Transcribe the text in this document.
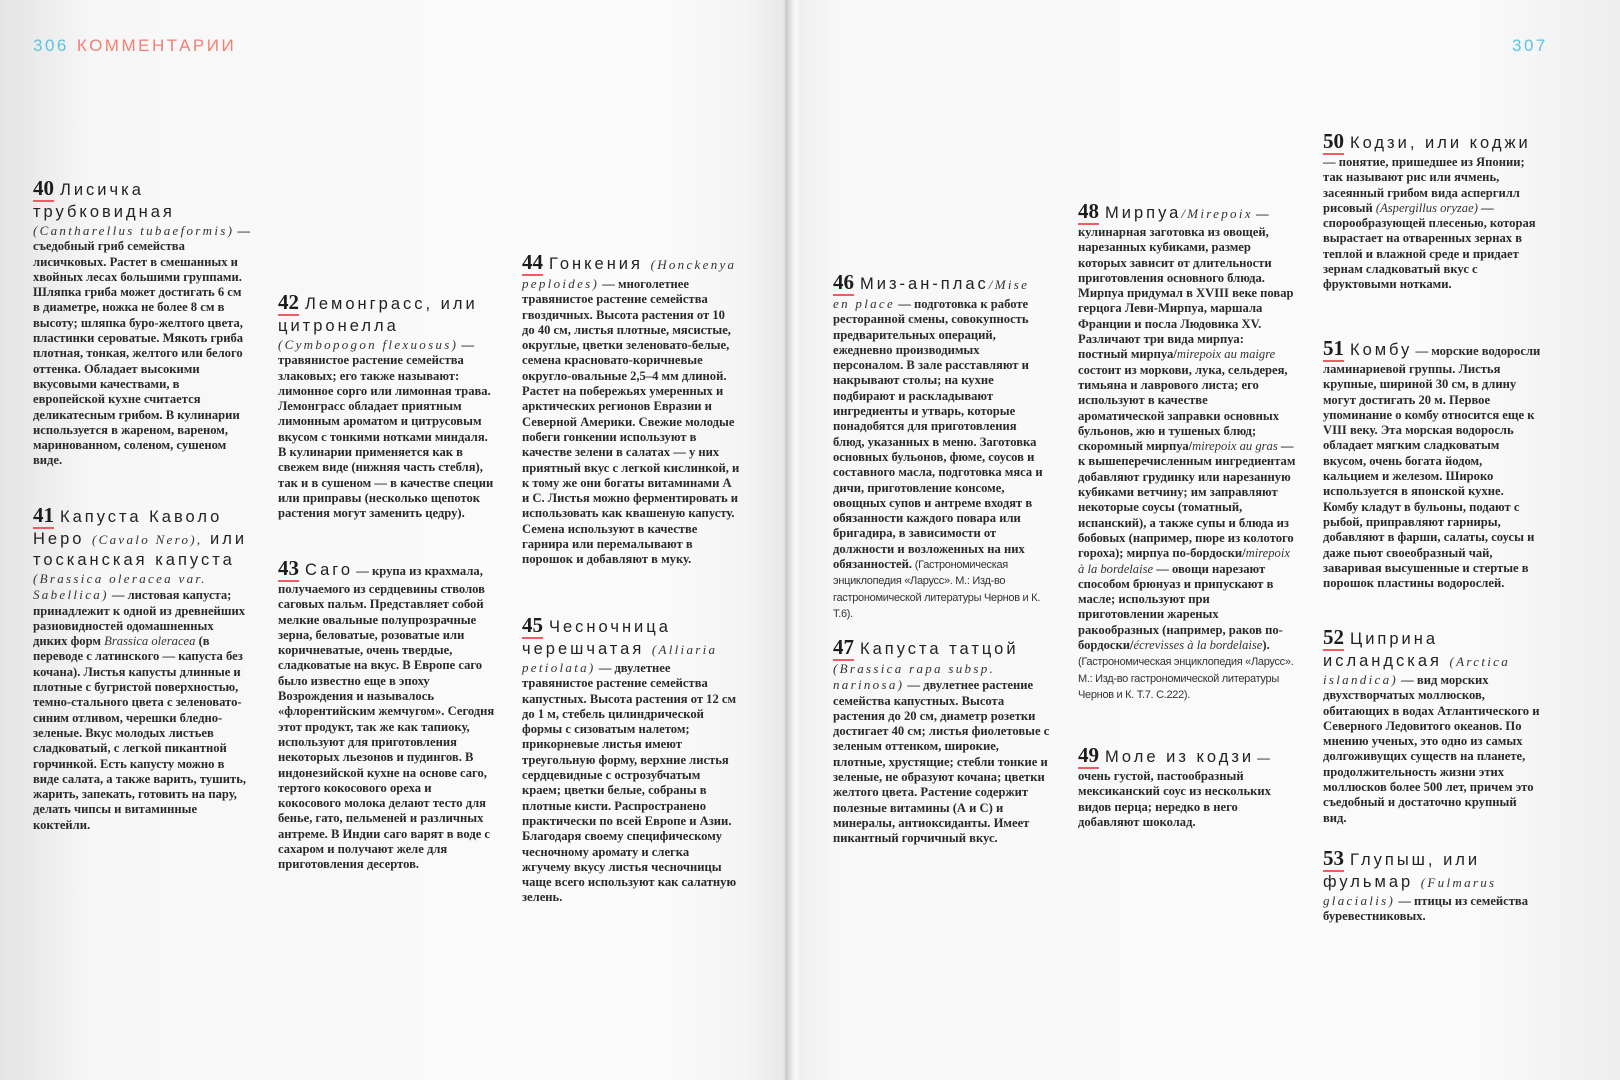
306 КОММЕНТАРИИ	307
40 Лисичка трубковидная (Cantharellus tubaeformis) — съедобный гриб семейства лисичковых. Растет в смешанных и хвойных лесах большими группами. Шляпка гриба может достигать 6 см в диаметре, ножка не более 8 см в высоту; шляпка буро-желтого цвета, пластинки сероватые. Мякоть гриба плотная, тонкая, желтого или белого оттенка. Обладает высокими вкусовыми качествами, в европейской кухне считается деликатесным грибом. В кулинарии используется в жареном, вареном, маринованном, соленом, сушеном виде.
41 Капуста Каволо Неро (Cavalo Nero), или тосканская капуста (Brassica oleracea var. Sabellica) — листовая капуста; принадлежит к одной из древнейших разновидностей одомашненных диких форм Brassica oleracea (в переводе с латинского — капуста без кочана). Листья капусты длинные и плотные с бугристой поверхностью, темно-стального цвета с зеленовато-синим отливом, черешки бледно-зеленые. Вкус молодых листьев сладковатый, с легкой пикантной горчинкой. Есть капусту можно в виде салата, а также варить, тушить, жарить, запекать, готовить на пару, делать чипсы и витаминные коктейли.
42 Лемонграсс, или цитронелла (Cymbopogon flexuosus) — травянистое растение семейства злаковых; его также называют: лимонное сорго или лимонная трава. Лемонграсс обладает приятным лимонным ароматом и цитрусовым вкусом с тонкими нотками миндаля. В кулинарии применяется как в свежем виде (нижняя часть стебля), так и в сушеном — в качестве специи или приправы (несколько щепоток растения могут заменить цедру).
43 Саго — крупа из крахмала, получаемого из сердцевины стволов саговых пальм. Представляет собой мелкие овальные полупрозрачные зерна, беловатые, розоватые или коричневатые, очень твердые, сладковатые на вкус. В Европе саго было известно еще в эпоху Возрождения и называлось «флорентийским жемчугом». Сегодня этот продукт, так же как тапиоку, используют для приготовления некоторых льезонов и пудингов. В индонезийской кухне на основе саго, тертого кокосового ореха и кокосового молока делают тесто для бенье, гато, пельменей и различных антреме. В Индии саго варят в воде с сахаром и получают желе для приготовления десертов.
44 Гонкения (Honckenya peploides) — многолетнее травянистое растение семейства гвоздичных. Высота растения от 10 до 40 см, листья плотные, мясистые, округлые, цветки зеленовато-белые, семена красновато-коричневые округло-овальные 2,5–4 мм длиной. Растет на побережьях умеренных и арктических регионов Евразии и Северной Америки. Свежие молодые побеги гонкении используют в качестве зелени в салатах — у них приятный вкус с легкой кислинкой, и к тому же они богаты витаминами А и С. Листья можно ферментировать и использовать как квашеную капусту. Семена используют в качестве гарнира или перемалывают в порошок и добавляют в муку.
45 Чесночница черешчатая (Alliaria petiolata) — двулетнее травянистое растение семейства капустных. Высота растения от 12 см до 1 м, стебель цилиндрической формы с сизоватым налетом; прикорневые листья имеют треугольную форму, верхние листья сердцевидные с острозубчатым краем; цветки белые, собраны в плотные кисти. Распространено практически по всей Европе и Азии. Благодаря своему специфическому чесночному аромату и слегка жгучему вкусу листья чесночницы чаще всего используют как салатную зелень.
46 Миз-ан-плас/Mise en place — подготовка к работе ресторанной смены, совокупность предварительных операций, ежедневно производимых персоналом. В зале расставляют и накрывают столы; на кухне подбирают и раскладывают ингредиенты и утварь, которые понадобятся для приготовления блюд, указанных в меню. Заготовка основных бульонов, фюме, соусов и составного масла, подготовка мяса и дичи, приготовление консоме, овощных супов и антреме входят в обязанности каждого повара или бригадира, в зависимости от должности и возложенных на них обязанностей. (Гастрономическая энциклопедия «Ларусс». М.: Изд-во гастрономической литературы Чернов и К. Т.6).
47 Капуста татцой (Brassica rapa subsp. narinosa) — двулетнее растение семейства капустных. Высота растения до 20 см, диаметр розетки достигает 40 см; листья фиолетовые с зеленым оттенком, широкие, плотные, хрустящие; стебли тонкие и зеленые, не образуют кочана; цветки желтого цвета. Растение содержит полезные витамины (А и С) и минералы, антиоксиданты. Имеет пикантный горчичный вкус.
48 Мирпуа/Mirepoix — кулинарная заготовка из овощей, нарезанных кубиками, размер которых зависит от длительности приготовления основного блюда. Мирпуа придумал в XVIII веке повар герцога Леви-Мирпуа, маршала Франции и посла Людовика XV. Различают три вида мирпуа: постный мирпуа/mirepoix au maigre состоит из моркови, лука, сельдерея, тимьяна и лаврового листа; его используют в качестве ароматической заправки основных бульонов, жю и тушеных блюд; скоромный мирпуа/mirepoix au gras — к вышеперечисленным ингредиентам добавляют грудинку или нарезанную кубиками ветчину; им заправляют некоторые соусы (томатный, испанский), а также супы и блюда из бобовых (например, пюре из колотого гороха); мирпуа по-бордоски/mirepoix à la bordelaise — овощи нарезают способом брюнуаз и припускают в масле; используют при приготовлении жареных ракообразных (например, раков по-бордоски/écrevisses à la bordelaise). (Гастрономическая энциклопедия «Ларусс». М.: Изд-во гастрономической литературы Чернов и К. Т.7. С.222).
49 Моле из кодзи — очень густой, пастообразный мексиканский соус из нескольких видов перца; нередко в него добавляют шоколад.
50 Кодзи, или коджи — понятие, пришедшее из Японии; так называют рис или ячмень, засеянный грибом вида аспергилл рисовый (Aspergillus oryzae) — спорообразующей плесенью, которая вырастает на отваренных зернах в теплой и влажной среде и придает зернам сладковатый вкус с фруктовыми нотками.
51 Комбу — морские водоросли ламинариевой группы. Листья крупные, шириной 30 см, в длину могут достигать 20 м. Первое упоминание о комбу относится еще к VIII веку. Эта морская водоросль обладает мягким сладковатым вкусом, очень богата йодом, кальцием и железом. Широко используется в японской кухне. Комбу кладут в бульоны, подают с рыбой, приправляют гарниры, добавляют в фарши, салаты, соусы и даже пьют своеобразный чай, заваривая высушенные и стертые в порошок пластины водорослей.
52 Циприна исландская (Arctica islandica) — вид морских двухстворчатых моллюсков, обитающих в водах Атлантического и Северного Ледовитого океанов. По мнению ученых, это одно из самых долгоживущих существ на планете, продолжительность жизни этих моллюсков более 500 лет, причем это съедобный и достаточно крупный вид.
53 Глупыш, или фульмар (Fulmarus glacialis) — птицы из семейства буревестниковых.
